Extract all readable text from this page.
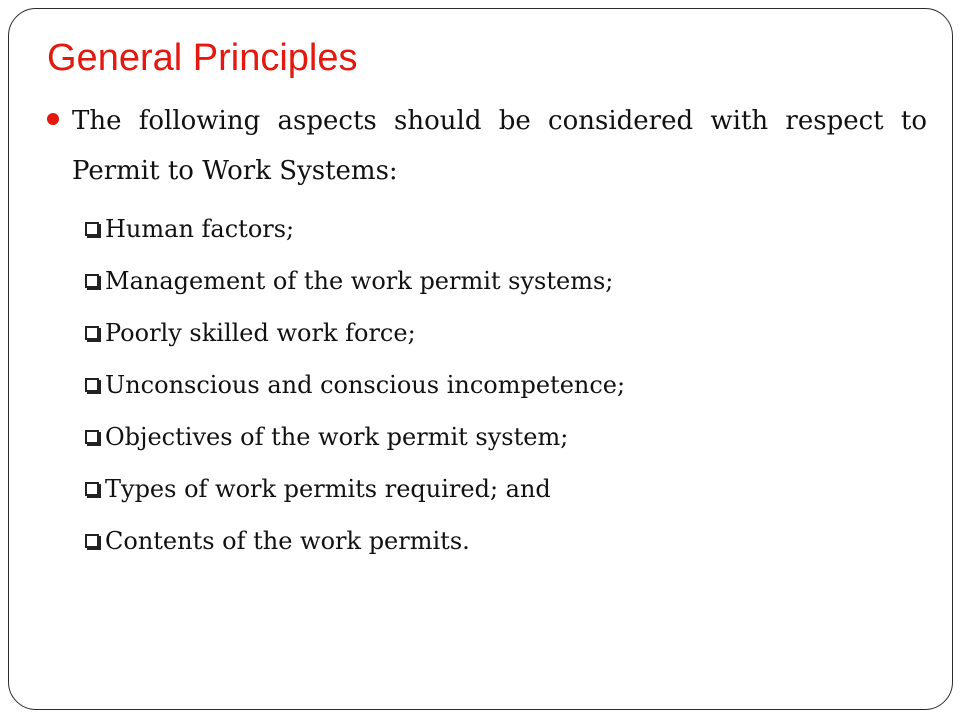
General Principles
The following aspects should be considered with respect to Permit to Work Systems:
Human factors;
Management of the work permit systems;
Poorly skilled work force;
Unconscious and conscious incompetence;
Objectives of the work permit system;
Types of work permits required; and
Contents of the work permits.
